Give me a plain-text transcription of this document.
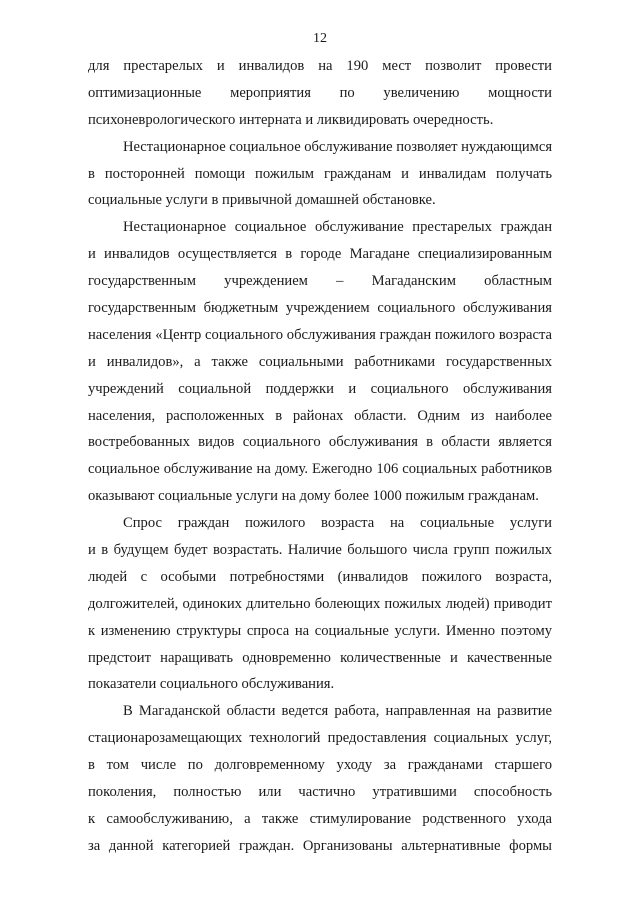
12
для престарелых и инвалидов на 190 мест позволит провести
оптимизационные мероприятия по увеличению мощности
психоневрологического интерната и ликвидировать очередность.
Нестационарное социальное обслуживание позволяет нуждающимся
в посторонней помощи пожилым гражданам и инвалидам получать
социальные услуги в привычной домашней обстановке.
Нестационарное социальное обслуживание престарелых граждан
и инвалидов осуществляется в городе Магадане специализированным
государственным учреждением – Магаданским областным
государственным бюджетным учреждением социального обслуживания
населения «Центр социального обслуживания граждан пожилого возраста
и инвалидов», а также социальными работниками государственных
учреждений социальной поддержки и социального обслуживания
населения, расположенных в районах области. Одним из наиболее
востребованных видов социального обслуживания в области является
социальное обслуживание на дому. Ежегодно 106 социальных работников
оказывают социальные услуги на дому более 1000 пожилым гражданам.
Спрос граждан пожилого возраста на социальные услуги
и в будущем будет возрастать. Наличие большого числа групп пожилых
людей с особыми потребностями (инвалидов пожилого возраста,
долгожителей, одиноких длительно болеющих пожилых людей) приводит
к изменению структуры спроса на социальные услуги. Именно поэтому
предстоит наращивать одновременно количественные и качественные
показатели социального обслуживания.
В Магаданской области ведется работа, направленная на развитие
стационарозамещающих технологий предоставления социальных услуг,
в том числе по долговременному уходу за гражданами старшего
поколения, полностью или частично утратившими способность
к самообслуживанию, а также стимулирование родственного ухода
за данной категорией граждан. Организованы альтернативные формы
